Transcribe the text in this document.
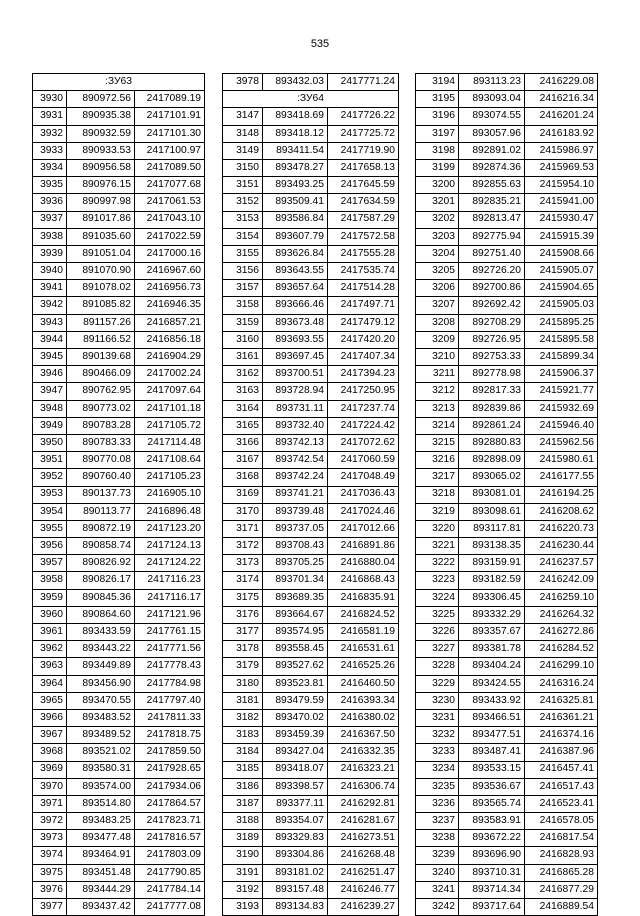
535
:ЗУ63		
3930	890972.56	2417089.19
3931	890935.38	2417101.91
3932	890932.59	2417101.30
3933	890933.53	2417100.97
3934	890956.58	2417089.50
3935	890976.15	2417077.68
3936	890997.98	2417061.53
3937	891017.86	2417043.10
3938	891035.60	2417022.59
3939	891051.04	2417000.16
3940	891070.90	2416967.60
3941	891078.02	2416956.73
3942	891085.82	2416946.35
3943	891157.26	2416857.21
3944	891166.52	2416856.18
3945	890139.68	2416904.29
3946	890466.09	2417002.24
3947	890762.95	2417097.64
3948	890773.02	2417101.18
3949	890783.28	2417105.72
3950	890783.33	2417114.48
3951	890770.08	2417108.64
3952	890760.40	2417105.23
3953	890137.73	2416905.10
3954	890113.77	2416896.48
3955	890872.19	2417123.20
3956	890858.74	2417124.13
3957	890826.92	2417124.22
3958	890826.17	2417116.23
3959	890845.36	2417116.17
3960	890864.60	2417121.96
3961	893433.59	2417761.15
3962	893443.22	2417771.56
3963	893449.89	2417778.43
3964	893456.90	2417784.98
3965	893470.55	2417797.40
3966	893483.52	2417811.33
3967	893489.52	2417818.75
3968	893521.02	2417859.50
3969	893580.31	2417928.65
3970	893574.00	2417934.06
3971	893514.80	2417864.57
3972	893483.25	2417823.71
3973	893477.48	2417816.57
3974	893464.91	2417803.09
3975	893451.48	2417790.85
3976	893444.29	2417784.14
3977	893437.42	2417777.08
3978	893432.03	2417771.24
:ЗУ64		
3147	893418.69	2417726.22
3148	893418.12	2417725.72
3149	893411.54	2417719.90
3150	893478.27	2417658.13
3151	893493.25	2417645.59
3152	893509.41	2417634.59
3153	893586.84	2417587.29
3154	893607.79	2417572.58
3155	893626.84	2417555.28
3156	893643.55	2417535.74
3157	893657.64	2417514.28
3158	893666.46	2417497.71
3159	893673.48	2417479.12
3160	893693.55	2417420.20
3161	893697.45	2417407.34
3162	893700.51	2417394.23
3163	893728.94	2417250.95
3164	893731.11	2417237.74
3165	893732.40	2417224.42
3166	893742.13	2417072.62
3167	893742.54	2417060.59
3168	893742.24	2417048.49
3169	893741.21	2417036.43
3170	893739.48	2417024.46
3171	893737.05	2417012.66
3172	893708.43	2416891.86
3173	893705.25	2416880.04
3174	893701.34	2416868.43
3175	893689.35	2416835.91
3176	893664.67	2416824.52
3177	893574.95	2416581.19
3178	893558.45	2416531.61
3179	893527.62	2416525.26
3180	893523.81	2416460.50
3181	893479.59	2416393.34
3182	893470.02	2416380.02
3183	893459.39	2416367.50
3184	893427.04	2416332.35
3185	893418.07	2416323.21
3186	893398.57	2416306.74
3187	893377.11	2416292.81
3188	893354.07	2416281.67
3189	893329.83	2416273.51
3190	893304.86	2416268.48
3191	893181.02	2416251.47
3192	893157.48	2416246.77
3193	893134.83	2416239.27
3194	893113.23	2416229.08
3195	893093.04	2416216.34
3196	893074.55	2416201.24
3197	893057.96	2416183.92
3198	892891.02	2415986.97
3199	892874.36	2415969.53
3200	892855.63	2415954.10
3201	892835.21	2415941.00
3202	892813.47	2415930.47
3203	892775.94	2415915.39
3204	892751.40	2415908.66
3205	892726.20	2415905.07
3206	892700.86	2415904.65
3207	892692.42	2415905.03
3208	892708.29	2415895.25
3209	892726.95	2415895.58
3210	892753.33	2415899.34
3211	892778.98	2415906.37
3212	892817.33	2415921.77
3213	892839.86	2415932.69
3214	892861.24	2415946.40
3215	892880.83	2415962.56
3216	892898.09	2415980.61
3217	893065.02	2416177.55
3218	893081.01	2416194.25
3219	893098.61	2416208.62
3220	893117.81	2416220.73
3221	893138.35	2416230.44
3222	893159.91	2416237.57
3223	893182.59	2416242.09
3224	893306.45	2416259.10
3225	893332.29	2416264.32
3226	893357.67	2416272.86
3227	893381.78	2416284.52
3228	893404.24	2416299.10
3229	893424.55	2416316.24
3230	893433.92	2416325.81
3231	893466.51	2416361.21
3232	893477.51	2416374.16
3233	893487.41	2416387.96
3234	893533.15	2416457.41
3235	893536.67	2416517.43
3236	893565.74	2416523.41
3237	893583.91	2416578.05
3238	893672.22	2416817.54
3239	893696.90	2416828.93
3240	893710.31	2416865.28
3241	893714.34	2416877.29
3242	893717.64	2416889.54
